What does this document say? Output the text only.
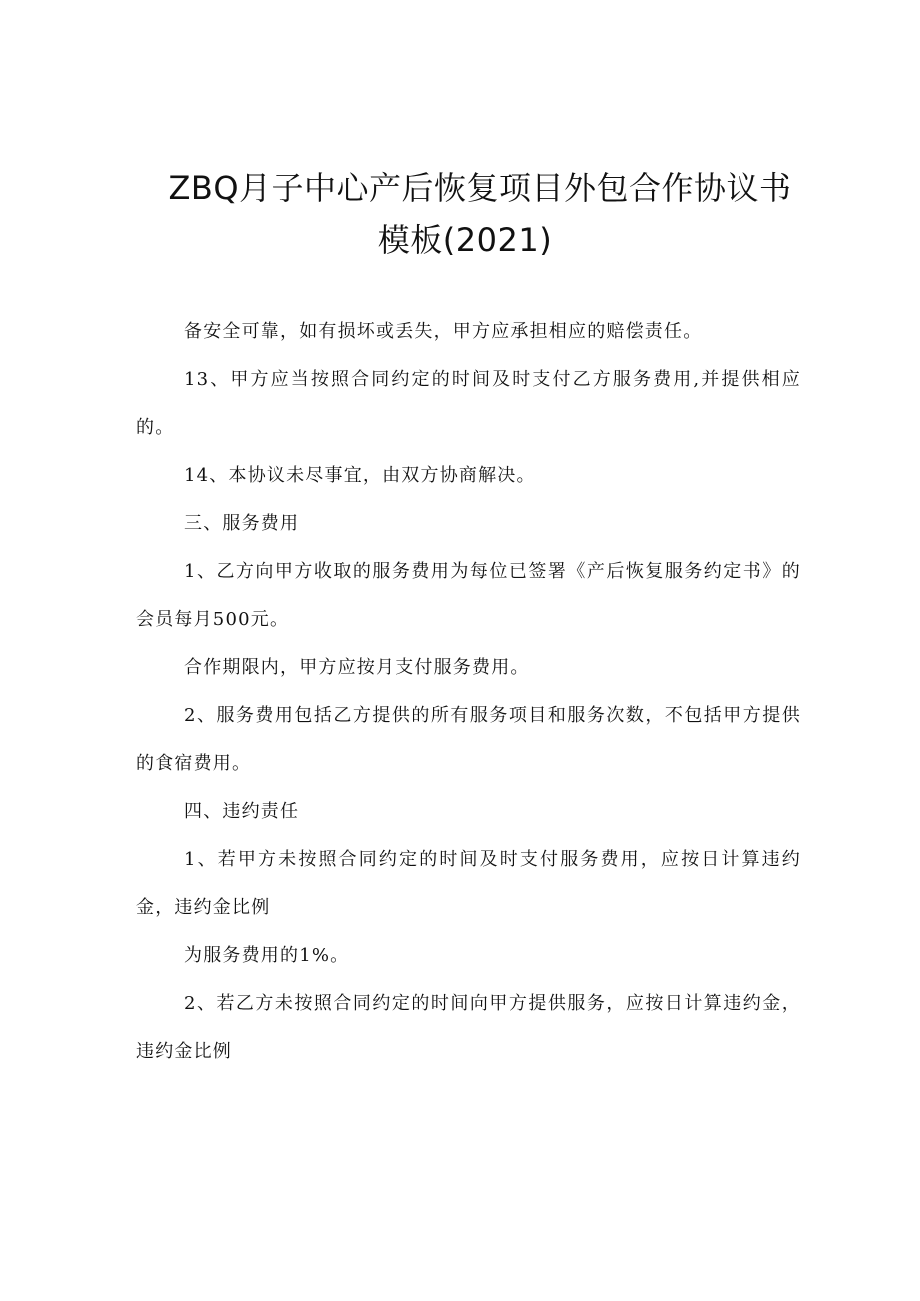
ZBQ月子中心产后恢复项目外包合作协议书
模板(2021)

备安全可靠，如有损坏或丢失，甲方应承担相应的赔偿责任。

13、甲方应当按照合同约定的时间及时支付乙方服务费用,并提供相应的。

14、本协议未尽事宜，由双方协商解决。

三、服务费用

1、乙方向甲方收取的服务费用为每位已签署《产后恢复服务约定书》的会员每月500元。

合作期限内，甲方应按月支付服务费用。

2、服务费用包括乙方提供的所有服务项目和服务次数，不包括甲方提供的食宿费用。

四、违约责任

1、若甲方未按照合同约定的时间及时支付服务费用，应按日计算违约金，违约金比例

为服务费用的1%。

2、若乙方未按照合同约定的时间向甲方提供服务，应按日计算违约金，违约金比例
